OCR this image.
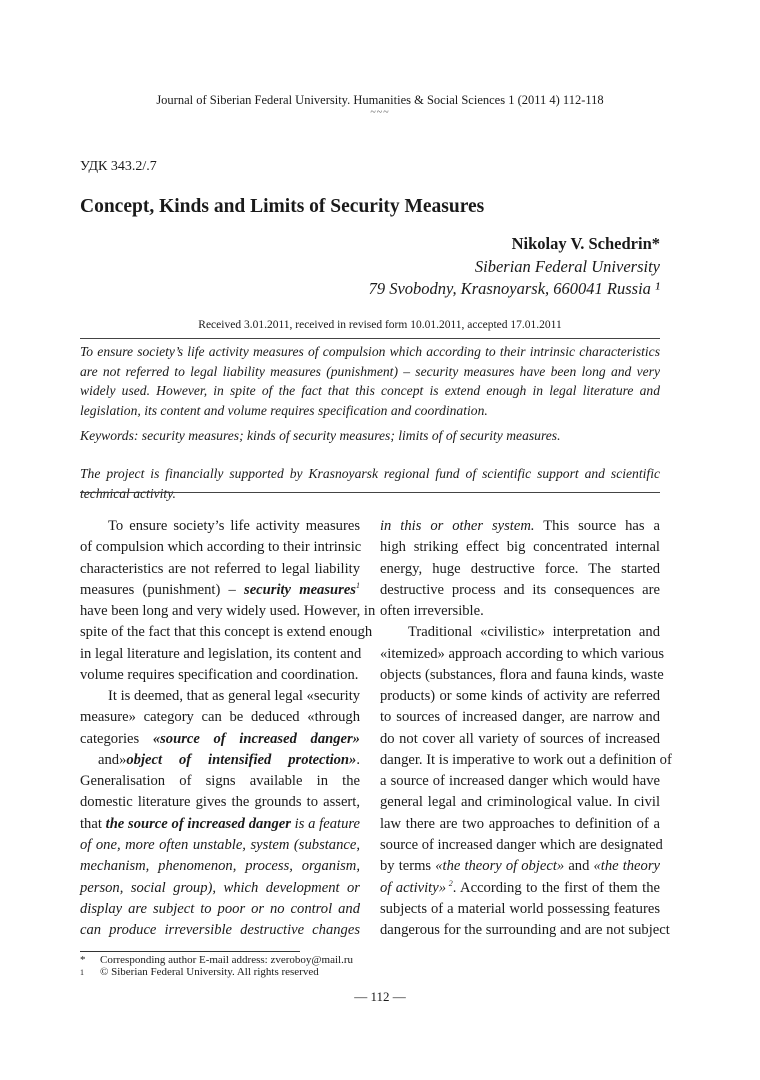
Journal of Siberian Federal University. Humanities & Social Sciences 1 (2011 4) 112-118
~~~
УДК 343.2/.7
Concept, Kinds and Limits of Security Measures
Nikolay V. Schedrin*
Siberian Federal University
79 Svobodny, Krasnoyarsk, 660041 Russia ¹
Received 3.01.2011, received in revised form 10.01.2011, accepted 17.01.2011

To ensure society’s life activity measures of compulsion which according to their intrinsic characteristics are not referred to legal liability measures (punishment) – security measures have been long and very widely used. However, in spite of the fact that this concept is extend enough in legal literature and legislation, its content and volume requires specification and coordination.

Keywords: security measures; kinds of security measures; limits of of security measures.

The project is financially supported by Krasnoyarsk regional fund of scientific support and scientific technical activity.

To ensure society’s life activity measures
of compulsion which according to their intrinsic
characteristics are not referred to legal liability
measures (punishment) – security measures$^1$
have been long and very widely used. However, in
spite of the fact that this concept is extend enough
in legal literature and legislation, its content and
volume requires specification and coordination.
It is deemed, that as general legal «security
measure» category can be deduced «through
categories «source of increased danger»
and»object of intensified protection».
Generalisation of signs available in the
domestic literature gives the grounds to assert,
that the source of increased danger is a feature
of one, more often unstable, system (substance,
mechanism, phenomenon, process, organism,
person, social group), which development or
display are subject to poor or no control and
can produce irreversible destructive changes
in this or other system. This source has a
high striking effect big concentrated internal
energy, huge destructive force. The started
destructive process and its consequences are
often irreversible.
Traditional «civilistic» interpretation and
«itemized» approach according to which various
objects (substances, flora and fauna kinds, waste
products) or some kinds of activity are referred
to sources of increased danger, are narrow and
do not cover all variety of sources of increased
danger. It is imperative to work out a definition of
a source of increased danger which would have
general legal and criminological value. In civil
law there are two approaches to definition of a
source of increased danger which are designated
by terms «the theory of object» and «the theory
of activity» $^2$. According to the first of them the
subjects of a material world possessing features
dangerous for the surrounding and are not subject
* Corresponding author E-mail address: zveroboy@mail.ru
1 © Siberian Federal University. All rights reserved
— 112 —
